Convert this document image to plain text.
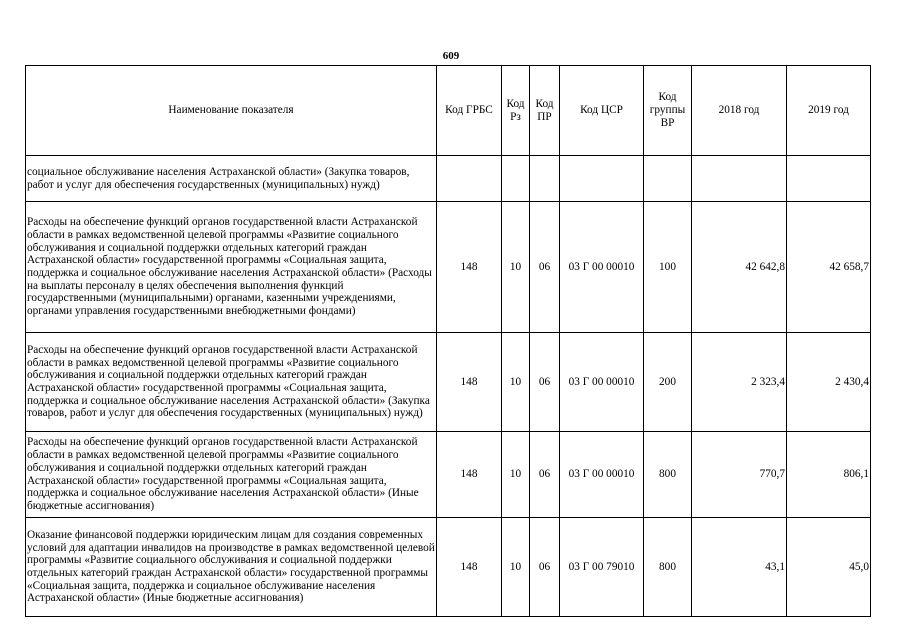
609
Наименование показателя	Код ГРБС	Код Рз	Код ПР	Код ЦСР	Код группы ВР	2018 год	2019 год
социальное обслуживание населения Астраханской области» (Закупка товаров, работ и услуг для обеспечения государственных (муниципальных) нужд)							
Расходы на обеспечение функций органов государственной власти Астраханской области в рамках ведомственной целевой программы «Развитие социального обслуживания и социальной поддержки отдельных категорий граждан Астраханской области» государственной программы «Социальная защита, поддержка и социальное обслуживание населения Астраханской области» (Расходы на выплаты персоналу в целях обеспечения выполнения функций государственными (муниципальными) органами, казенными учреждениями, органами управления государственными внебюджетными фондами)	148	10	06	03 Г 00 00010	100	42 642,8	42 658,7
Расходы на обеспечение функций органов государственной власти Астраханской области в рамках ведомственной целевой программы «Развитие социального обслуживания и социальной поддержки отдельных категорий граждан Астраханской области» государственной программы «Социальная защита, поддержка и социальное обслуживание населения Астраханской области» (Закупка товаров, работ и услуг для обеспечения государственных (муниципальных) нужд)	148	10	06	03 Г 00 00010	200	2 323,4	2 430,4
Расходы на обеспечение функций органов государственной власти Астраханской области в рамках ведомственной целевой программы «Развитие социального обслуживания и социальной поддержки отдельных категорий граждан Астраханской области» государственной программы «Социальная защита, поддержка и социальное обслуживание населения Астраханской области» (Иные бюджетные ассигнования)	148	10	06	03 Г 00 00010	800	770,7	806,1
Оказание финансовой поддержки юридическим лицам для создания современных условий для адаптации инвалидов на производстве в рамках ведомственной целевой программы «Развитие социального обслуживания и социальной поддержки отдельных категорий граждан Астраханской области» государственной программы «Социальная защита, поддержка и социальное обслуживание населения Астраханской области» (Иные бюджетные ассигнования)	148	10	06	03 Г 00 79010	800	43,1	45,0
